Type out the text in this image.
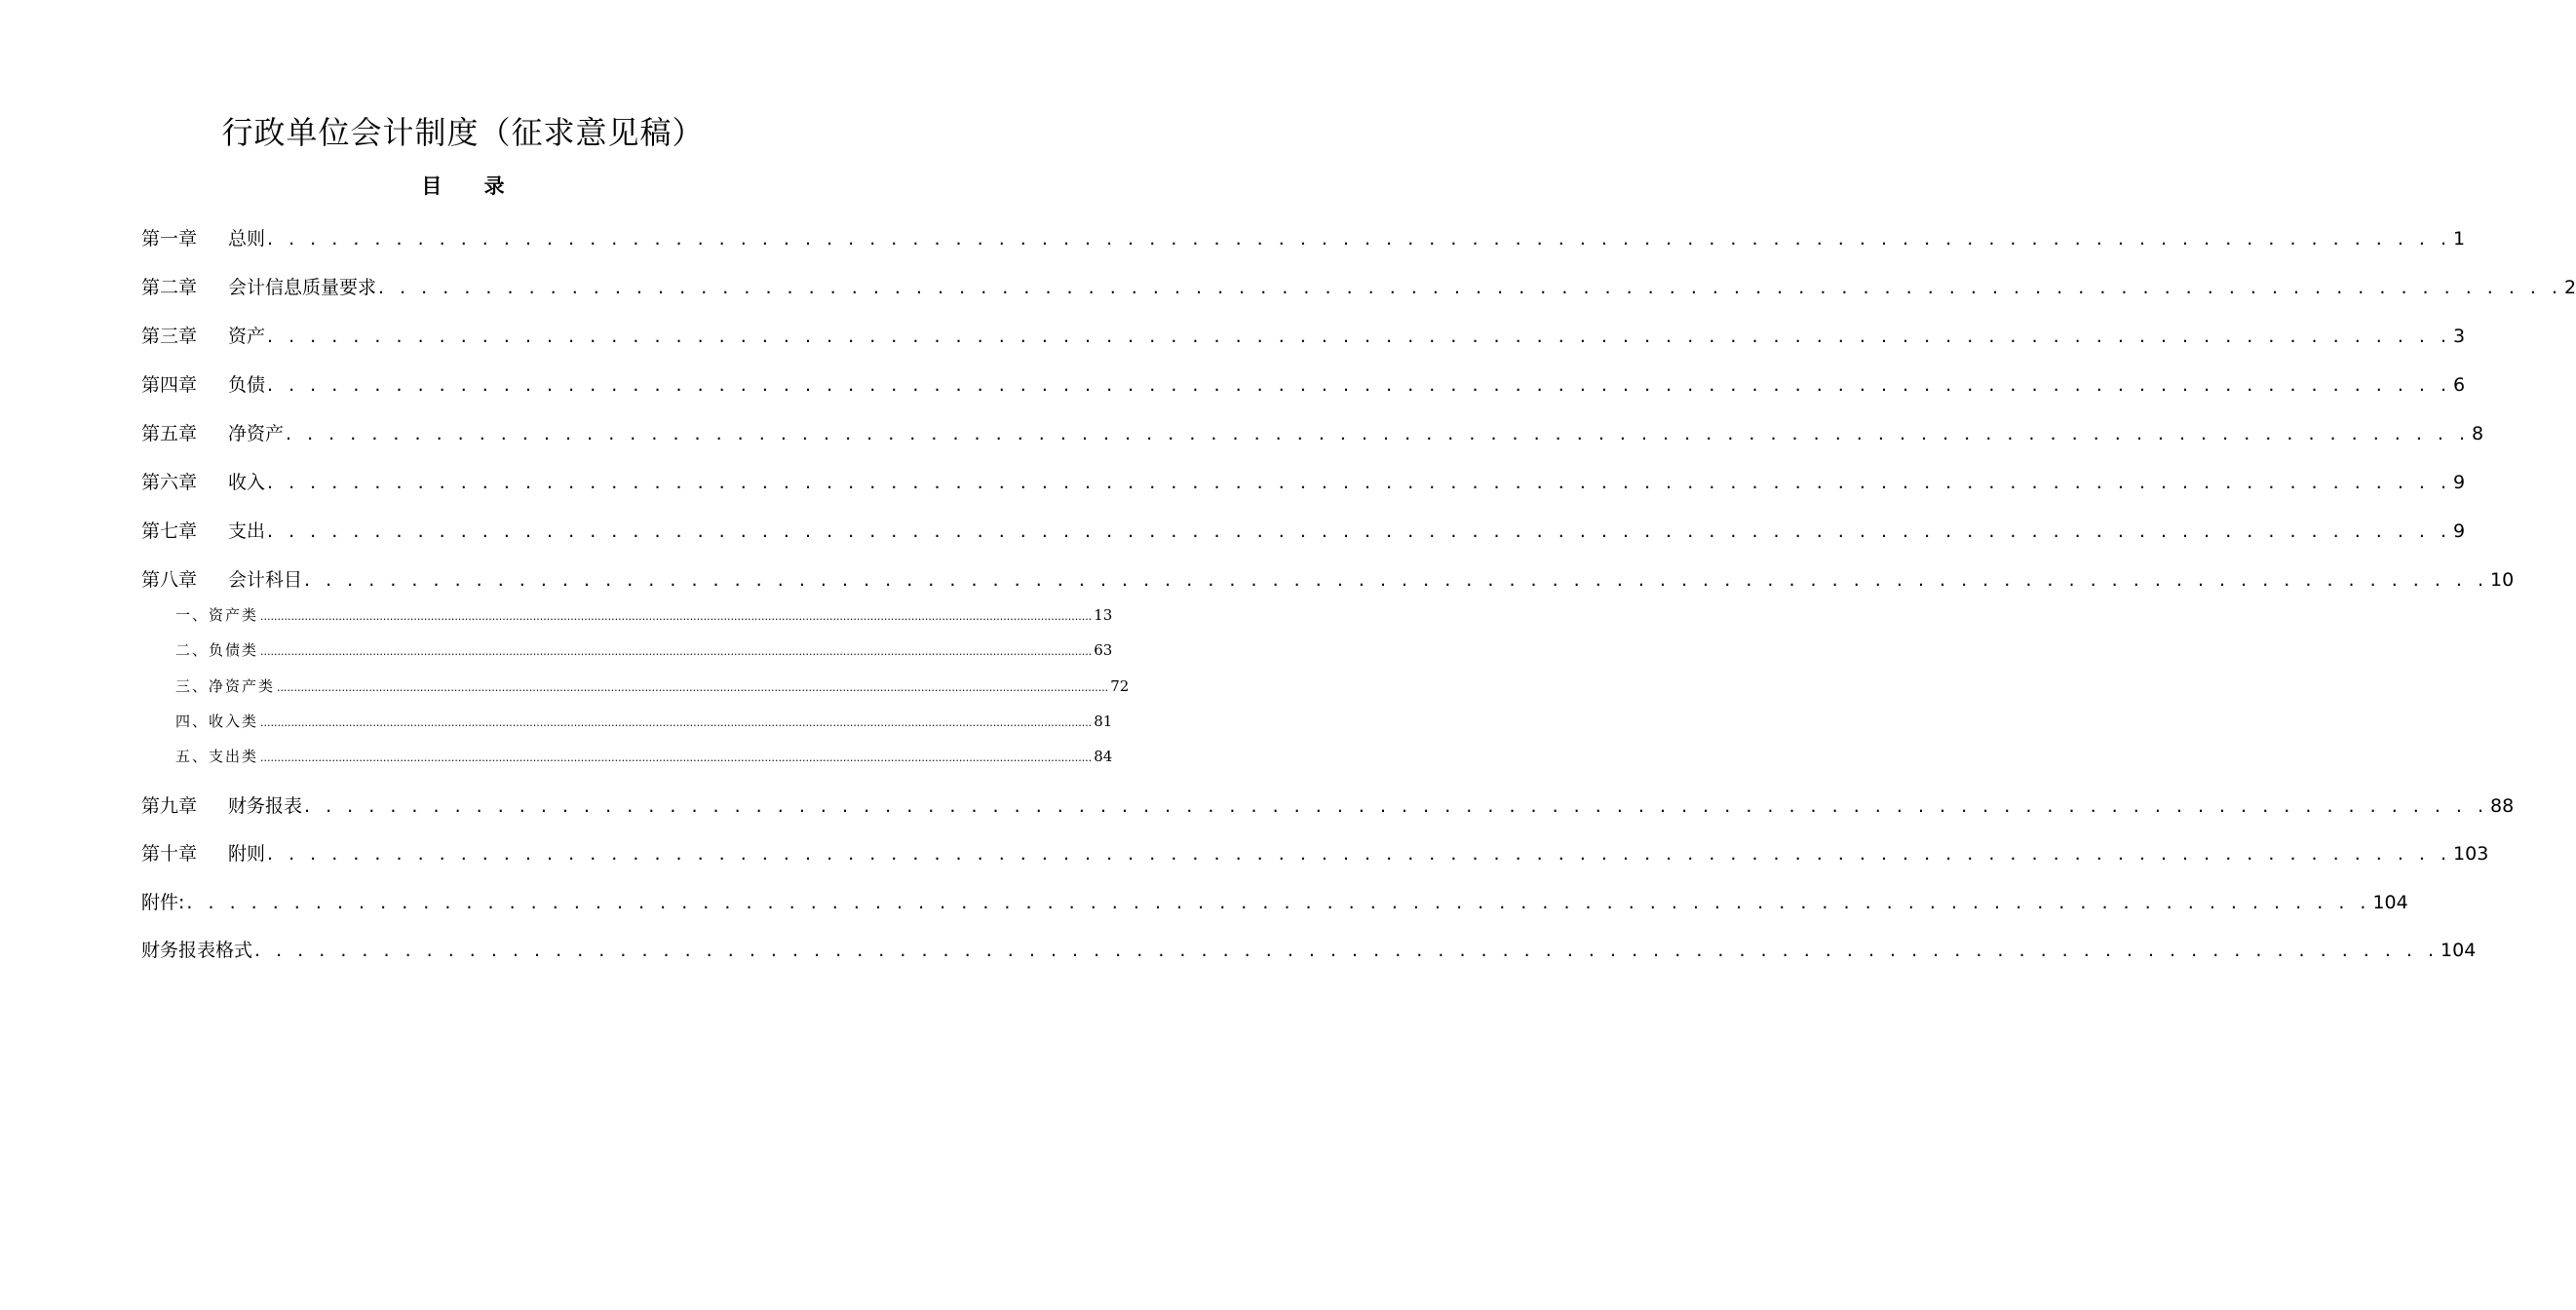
行政单位会计制度（征求意见稿）
目 录
第一章	总则 . . . . . . . . . . . . . . . . . . . . . . . . . . . . . . . . . . . . . . . . . . . . . . . . . . . . . . . . . . . . . . . . . . . . . . . . . . . . . . . . . . . . . . . . . . . . . . . . . . . . . . 1
第二章	会计信息质量要求 . . . . . . . . . . . . . . . . . . . . . . . . . . . . . . . . . . . . . . . . . . . . . . . . . . . . . . . . . . . . . . . . . . . . . . . . . . . . . . . . . . . . . . . . . . . . . . . . . . . . . . 2
第三章	资产 . . . . . . . . . . . . . . . . . . . . . . . . . . . . . . . . . . . . . . . . . . . . . . . . . . . . . . . . . . . . . . . . . . . . . . . . . . . . . . . . . . . . . . . . . . . . . . . . . . . . . . 3
第四章	负债 . . . . . . . . . . . . . . . . . . . . . . . . . . . . . . . . . . . . . . . . . . . . . . . . . . . . . . . . . . . . . . . . . . . . . . . . . . . . . . . . . . . . . . . . . . . . . . . . . . . . . . 6
第五章	净资产 . . . . . . . . . . . . . . . . . . . . . . . . . . . . . . . . . . . . . . . . . . . . . . . . . . . . . . . . . . . . . . . . . . . . . . . . . . . . . . . . . . . . . . . . . . . . . . . . . . . . . . 8
第六章	收入 . . . . . . . . . . . . . . . . . . . . . . . . . . . . . . . . . . . . . . . . . . . . . . . . . . . . . . . . . . . . . . . . . . . . . . . . . . . . . . . . . . . . . . . . . . . . . . . . . . . . . . 9
第七章	支出 . . . . . . . . . . . . . . . . . . . . . . . . . . . . . . . . . . . . . . . . . . . . . . . . . . . . . . . . . . . . . . . . . . . . . . . . . . . . . . . . . . . . . . . . . . . . . . . . . . . . . . 9
第八章	会计科目 . . . . . . . . . . . . . . . . . . . . . . . . . . . . . . . . . . . . . . . . . . . . . . . . . . . . . . . . . . . . . . . . . . . . . . . . . . . . . . . . . . . . . . . . . . . . . . . . . . . . . . 10
一、资产类 .................................................................................................................................................................................................................................................... 13
二、负债类 .................................................................................................................................................................................................................................................... 63
三、净资产类 .................................................................................................................................................................................................................................................... 72
四、收入类 .................................................................................................................................................................................................................................................... 81
五、支出类 .................................................................................................................................................................................................................................................... 84
第九章	财务报表 . . . . . . . . . . . . . . . . . . . . . . . . . . . . . . . . . . . . . . . . . . . . . . . . . . . . . . . . . . . . . . . . . . . . . . . . . . . . . . . . . . . . . . . . . . . . . . . . . . . . . . 88
第十章	附则 . . . . . . . . . . . . . . . . . . . . . . . . . . . . . . . . . . . . . . . . . . . . . . . . . . . . . . . . . . . . . . . . . . . . . . . . . . . . . . . . . . . . . . . . . . . . . . . . . . . . . . 103
附件: . . . . . . . . . . . . . . . . . . . . . . . . . . . . . . . . . . . . . . . . . . . . . . . . . . . . . . . . . . . . . . . . . . . . . . . . . . . . . . . . . . . . . . . . . . . . . . . . . . . . . . 104
财务报表格式 . . . . . . . . . . . . . . . . . . . . . . . . . . . . . . . . . . . . . . . . . . . . . . . . . . . . . . . . . . . . . . . . . . . . . . . . . . . . . . . . . . . . . . . . . . . . . . . . . . . . . . 104
